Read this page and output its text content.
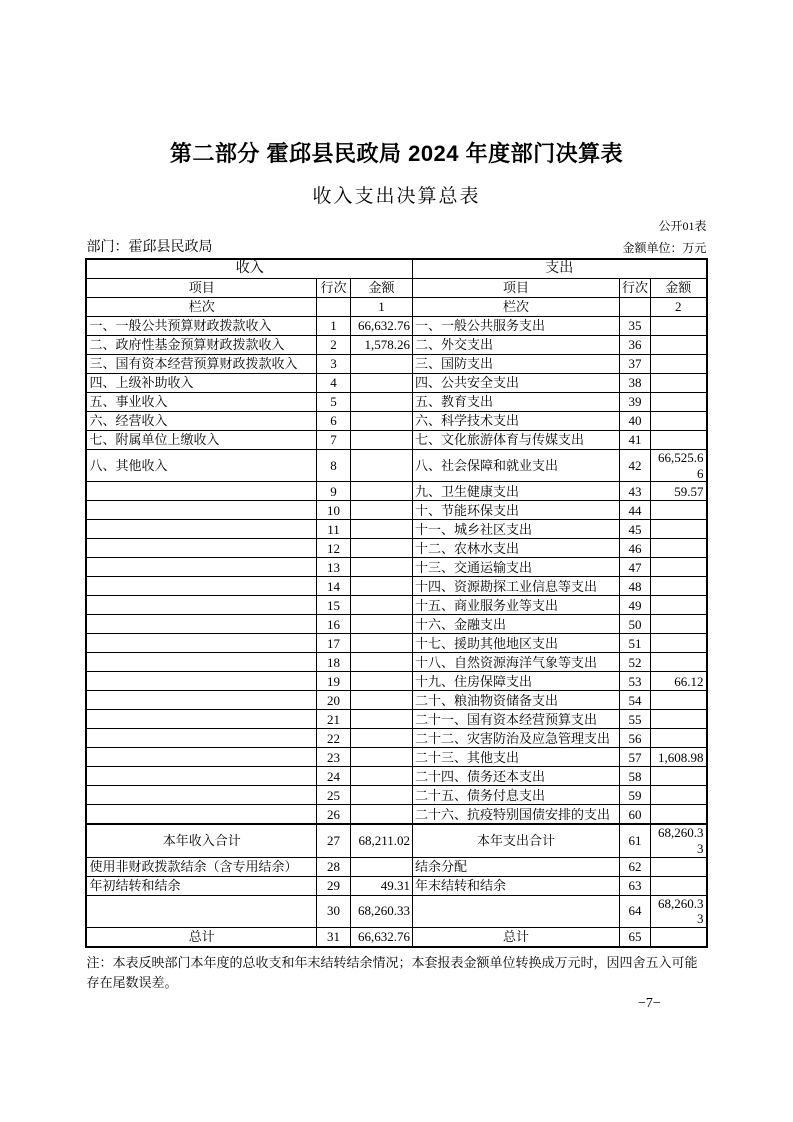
第二部分 霍邱县民政局 2024 年度部门决算表
收入支出决算总表
公开01表
部门：霍邱县民政局	金额单位：万元
收入			支出		
项目	行次	金额	项目	行次	金额
栏次		1	栏次		2
一、一般公共预算财政拨款收入	1	66,632.76	一、一般公共服务支出	35	
二、政府性基金预算财政拨款收入	2	1,578.26	二、外交支出	36	
三、国有资本经营预算财政拨款收入	3		三、国防支出	37	
四、上级补助收入	4		四、公共安全支出	38	
五、事业收入	5		五、教育支出	39	
六、经营收入	6		六、科学技术支出	40	
七、附属单位上缴收入	7		七、文化旅游体育与传媒支出	41	
八、其他收入	8		八、社会保障和就业支出	42	66,525.66
	9		九、卫生健康支出	43	59.57
	10		十、节能环保支出	44	
	11		十一、城乡社区支出	45	
	12		十二、农林水支出	46	
	13		十三、交通运输支出	47	
	14		十四、资源勘探工业信息等支出	48	
	15		十五、商业服务业等支出	49	
	16		十六、金融支出	50	
	17		十七、援助其他地区支出	51	
	18		十八、自然资源海洋气象等支出	52	
	19		十九、住房保障支出	53	66.12
	20		二十、粮油物资储备支出	54	
	21		二十一、国有资本经营预算支出	55	
	22		二十二、灾害防治及应急管理支出	56	
	23		二十三、其他支出	57	1,608.98
	24		二十四、债务还本支出	58	
	25		二十五、债务付息支出	59	
	26		二十六、抗疫特别国债安排的支出	60	
本年收入合计	27	68,211.02	本年支出合计	61	68,260.33
使用非财政拨款结余（含专用结余）	28		结余分配	62	
年初结转和结余	29	49.31	年末结转和结余	63	
	30	68,260.33		64	68,260.33
总计	31	66,632.76	总计	65	
注：本表反映部门本年度的总收支和年末结转结余情况；本套报表金额单位转换成万元时，因四舍五入可能存在尾数误差。
−7−
